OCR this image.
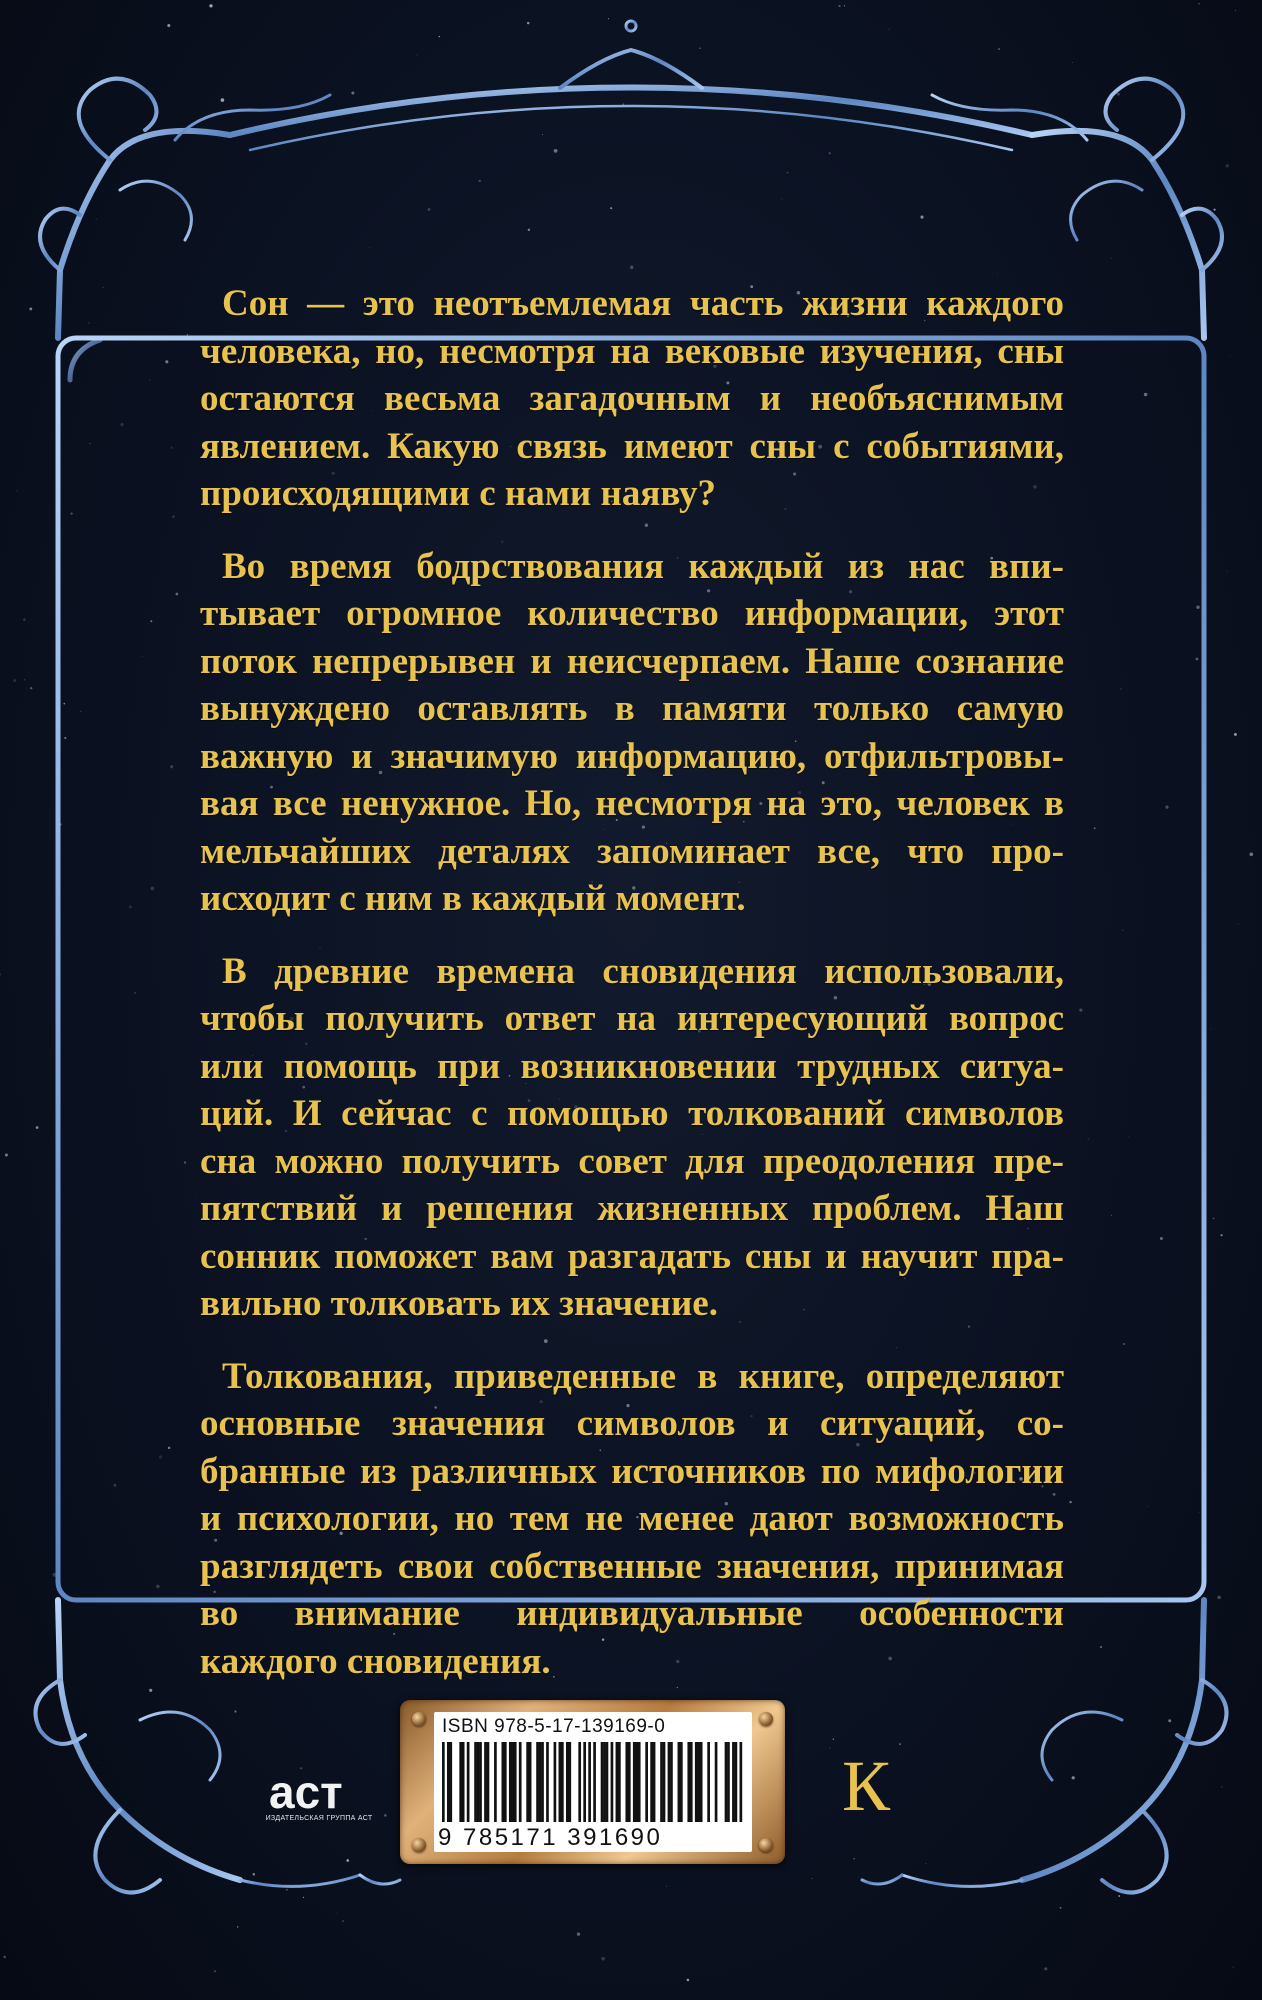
Сон — это неотъемлемая часть жизни каждого человека, но, несмотря на вековые изучения, сны остаются весьма загадочным и необъяснимым явлением. Какую связь имеют сны с событиями, происходящими с нами наяву?

Во время бодрствования каждый из нас впитывает огромное количество информации, этот поток непрерывен и неисчерпаем. Наше сознание вынуждено оставлять в памяти только самую важную и значимую информацию, отфильтровывая все ненужное. Но, несмотря на это, человек в мельчайших деталях запоминает все, что происходит с ним в каждый момент.

В древние времена сновидения использовали, чтобы получить ответ на интересующий вопрос или помощь при возникновении трудных ситуаций. И сейчас с помощью толкований символов сна можно получить совет для преодоления препятствий и решения жизненных проблем. Наш сонник поможет вам разгадать сны и научит правильно толковать их значение.

Толкования, приведенные в книге, определяют основные значения символов и ситуаций, собранные из различных источников по мифологии и психологии, но тем не менее дают возможность разглядеть свои собственные значения, принимая во внимание индивидуальные особенности каждого сновидения.

аст
ИЗДАТЕЛЬСКАЯ ГРУППА АСТ	К
ISBN 978-5-17-139169-0
9 785171 391690
